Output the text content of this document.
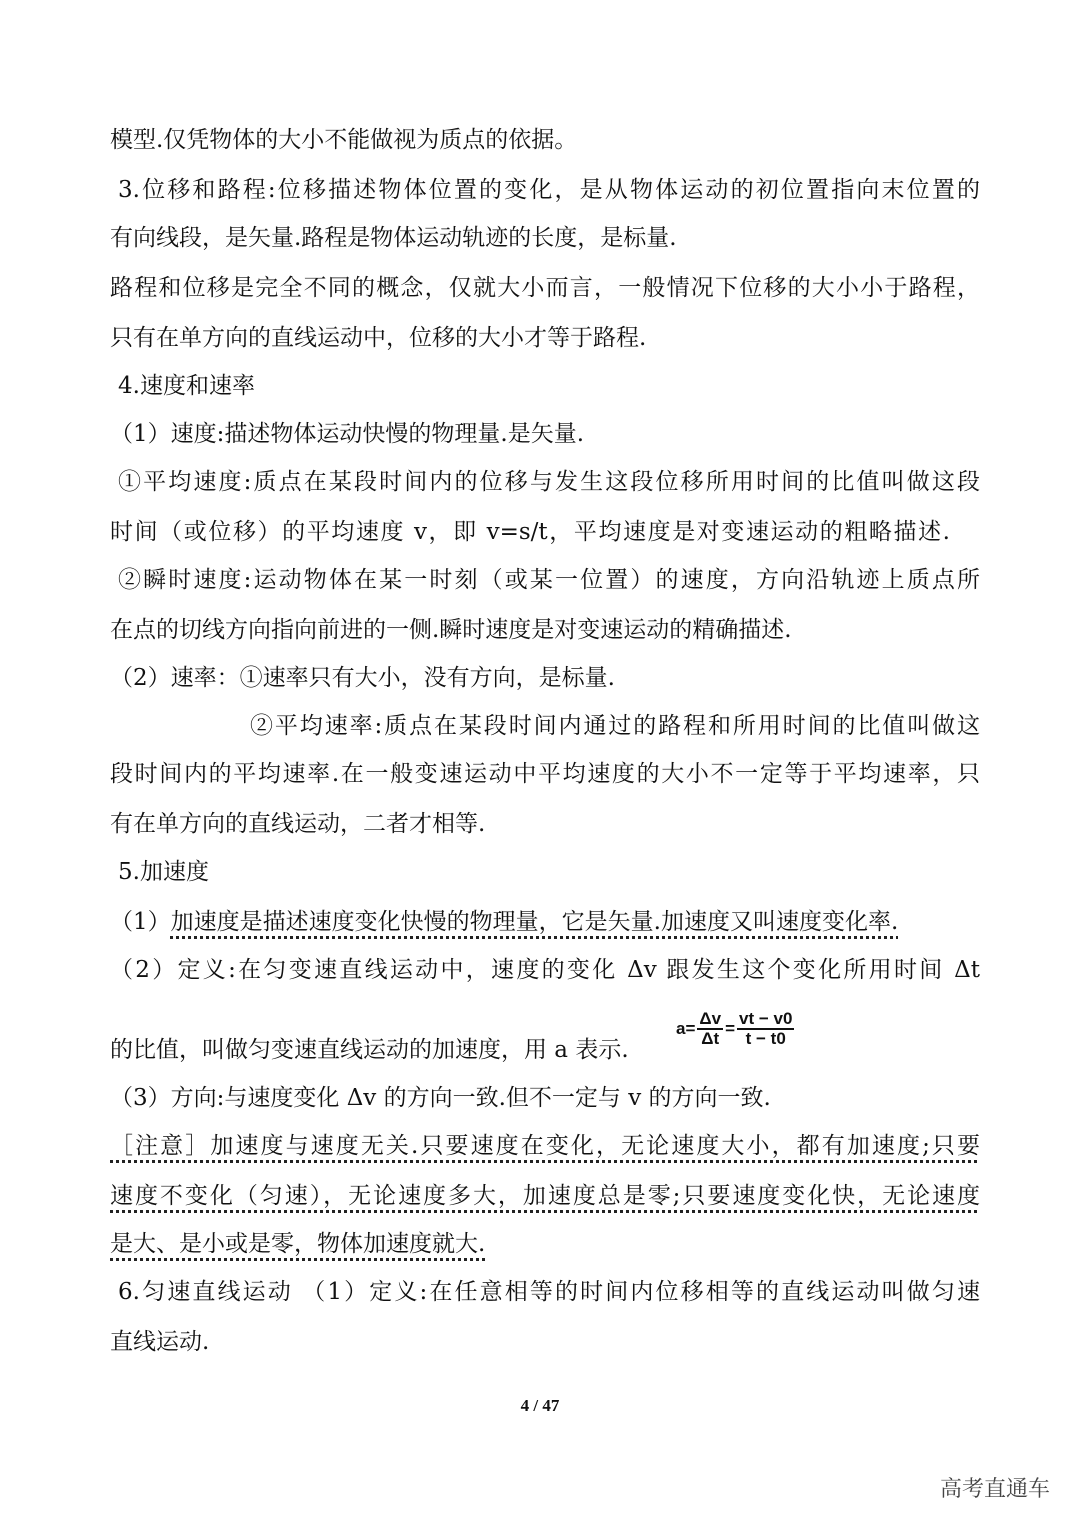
模型.仅凭物体的大小不能做视为质点的依据。
3.位移和路程:位移描述物体位置的变化，是从物体运动的初位置指向末位置的
有向线段，是矢量.路程是物体运动轨迹的长度，是标量.
路程和位移是完全不同的概念，仅就大小而言，一般情况下位移的大小小于路程，
只有在单方向的直线运动中，位移的大小才等于路程.
4.速度和速率
（1）速度:描述物体运动快慢的物理量.是矢量.
①平均速度:质点在某段时间内的位移与发生这段位移所用时间的比值叫做这段
时间（或位移）的平均速度 v，即 v=s/t，平均速度是对变速运动的粗略描述.
②瞬时速度:运动物体在某一时刻（或某一位置）的速度，方向沿轨迹上质点所
在点的切线方向指向前进的一侧.瞬时速度是对变速运动的精确描述.
（2）速率：①速率只有大小，没有方向，是标量.
②平均速率:质点在某段时间内通过的路程和所用时间的比值叫做这
段时间内的平均速率.在一般变速运动中平均速度的大小不一定等于平均速率，只
有在单方向的直线运动，二者才相等.
5.加速度
（1）加速度是描述速度变化快慢的物理量，它是矢量.加速度又叫速度变化率.
（2）定义:在匀变速直线运动中，速度的变化 Δv 跟发生这个变化所用时间 Δt
的比值，叫做匀变速直线运动的加速度，用 a 表示.
$a= \frac{\Delta v}{\Delta t} = \frac{vt - v0}{t - t0}$
（3）方向:与速度变化 Δv 的方向一致.但不一定与 v 的方向一致.
［注意］加速度与速度无关.只要速度在变化，无论速度大小，都有加速度;只要
速度不变化（匀速），无论速度多大，加速度总是零;只要速度变化快，无论速度
是大、是小或是零，物体加速度就大.
6.匀速直线运动 （1）定义:在任意相等的时间内位移相等的直线运动叫做匀速
直线运动.
4 / 47
高考直通车
